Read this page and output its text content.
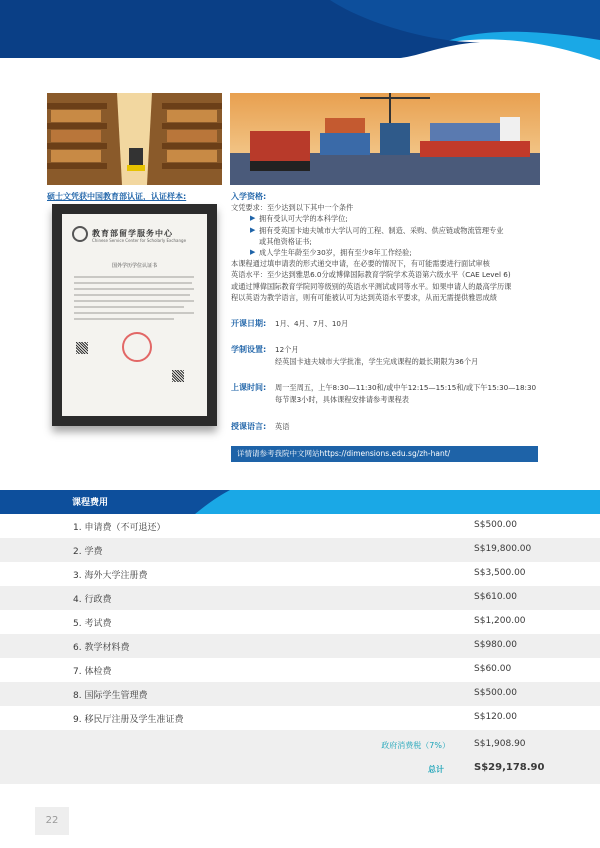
硕士文凭获中国教育部认证，认证样本:
教育部留学服务中心
Chinese Service Center for Scholarly Exchange
国外学历学位认证书
入学资格:
文凭要求：至少达到以下其中一个条件
▶ 拥有受认可大学的本科学位;
▶ 拥有受英国卡迪夫城市大学认可的工程、制造、采购、供应链或物流管理专业
或其他资格证书;
▶ 成人学生年龄至少30岁，拥有至少8年工作经验;
本课程通过填申请表的形式递交申请，在必要的情况下，有可能需要进行面试审核
英语水平：至少达到雅思6.0分或博偉国际教育学院学术英语第六级水平（CAE Level 6)
或通过博偉国际教育学院同等级别的英语水平测试或同等水平。如果申请人的最高学历课
程以英语为教学语言，则有可能被认可为达到英语水平要求，从而无需提供雅思成绩
开课日期: 1月、4月、7月、10月
学制设置: 12个月
经英国卡迪夫城市大学批准，学生完成课程的最长期限为36个月
上课时间: 周一至周五，上午8:30—11:30和/或中午12:15—15:15和/或下午15:30—18:30
每节课3小时，具体课程安排请参考课程表
授课语言: 英语
详情请参考我院中文网站https://dimensions.edu.sg/zh-hant/
课程费用
1. 申请费（不可退还）	S$500.00
2. 学费	S$19,800.00
3. 海外大学注册费	S$3,500.00
4. 行政费	S$610.00
5. 考试费	S$1,200.00
6. 教学材料费	S$980.00
7. 体检费	S$60.00
8. 国际学生管理费	S$500.00
9. 移民厅注册及学生准证费	S$120.00
政府消费税（7%）	S$1,908.90
总计	S$29,178.90
22
